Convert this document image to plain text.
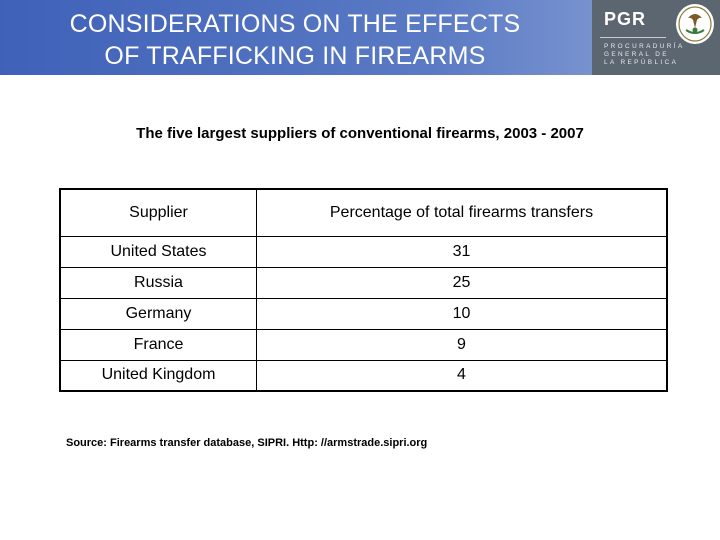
CONSIDERATIONS ON THE EFFECTS
OF TRAFFICKING IN FIREARMS
PGR
PROCURADURÍA
GENERAL DE
LA REPÚBLICA
The five largest suppliers of conventional firearms, 2003 - 2007
Supplier	Percentage of total firearms transfers
United States	31
Russia	25
Germany	10
France	9
United Kingdom	4
Source: Firearms transfer database, SIPRI. Http: //armstrade.sipri.org
